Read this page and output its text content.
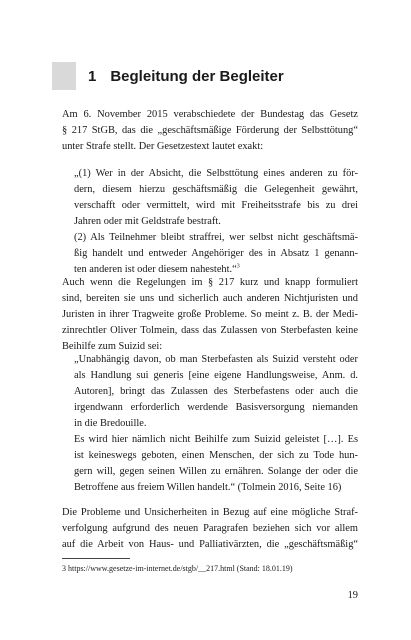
1 Begleitung der Begleiter
Am 6. November 2015 verabschiedete der Bundestag das Gesetz
§ 217 StGB, das die „geschäftsmäßige Förderung der Selbsttötung“
unter Strafe stellt. Der Gesetzestext lautet exakt:
„(1) Wer in der Absicht, die Selbsttötung eines anderen zu för-
dern, diesem hierzu geschäftsmäßig die Gelegenheit gewährt,
verschafft oder vermittelt, wird mit Freiheitsstrafe bis zu drei
Jahren oder mit Geldstrafe bestraft.
(2) Als Teilnehmer bleibt straffrei, wer selbst nicht geschäftsmä-
ßig handelt und entweder Angehöriger des in Absatz 1 genann-
ten anderen ist oder diesem nahesteht.“$^3$
Auch wenn die Regelungen im § 217 kurz und knapp formuliert
sind, bereiten sie uns und sicherlich auch anderen Nichtjuristen und
Juristen in ihrer Tragweite große Probleme. So meint z. B. der Medi-
zinrechtler Oliver Tolmein, dass das Zulassen von Sterbefasten keine
Beihilfe zum Suizid sei:
„Unabhängig davon, ob man Sterbefasten als Suizid versteht oder
als Handlung sui generis [eine eigene Handlungsweise, Anm. d.
Autoren], bringt das Zulassen des Sterbefastens oder auch die
irgendwann erforderlich werdende Basisversorgung niemanden
in die Bredouille.
Es wird hier nämlich nicht Beihilfe zum Suizid geleistet […]. Es
ist keineswegs geboten, einen Menschen, der sich zu Tode hun-
gern will, gegen seinen Willen zu ernähren. Solange der oder die
Betroffene aus freiem Willen handelt.“ (Tolmein 2016, Seite 16)
Die Probleme und Unsicherheiten in Bezug auf eine mögliche Straf-
verfolgung aufgrund des neuen Paragrafen beziehen sich vor allem
auf die Arbeit von Haus- und Palliativärzten, die „geschäftsmäßig“
3 https://www.gesetze-im-internet.de/stgb/__217.html (Stand: 18.01.19)
19
